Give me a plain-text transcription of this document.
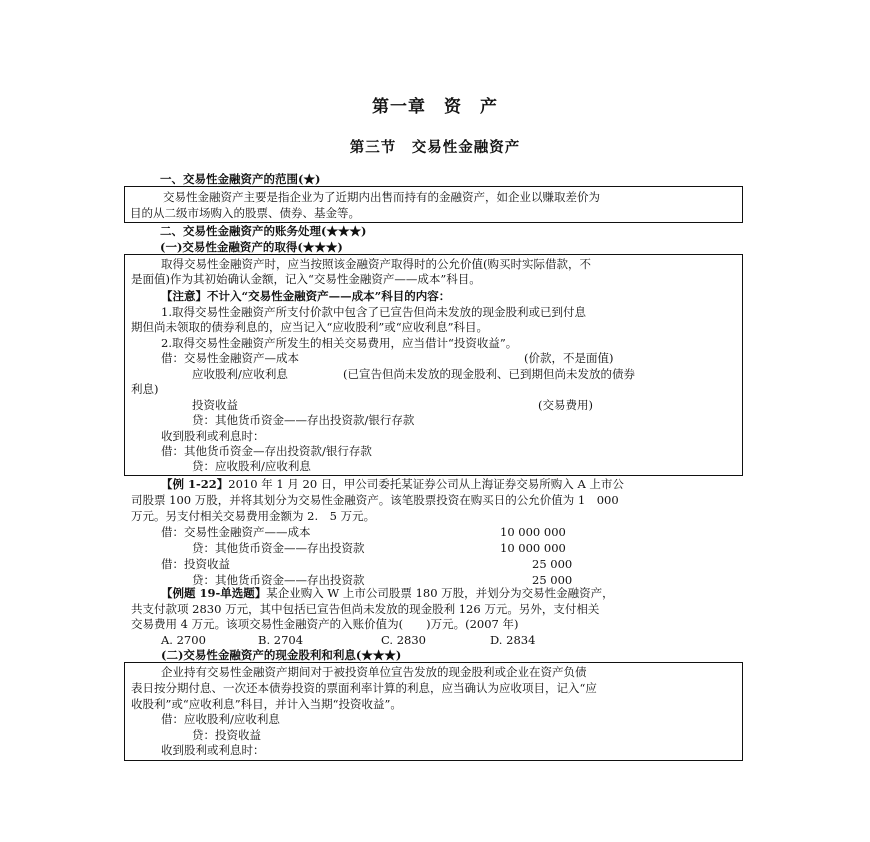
第一章　资　产
第三节　交易性金融资产
一、交易性金融资产的范围(★)
交易性金融资产主要是指企业为了近期内出售而持有的金融资产，如企业以赚取差价为
目的从二级市场购入的股票、债券、基金等。
二、交易性金融资产的账务处理(★★★)
(一)交易性金融资产的取得(★★★)
取得交易性金融资产时，应当按照该金融资产取得时的公允价值(购买时实际借款，不
是面值)作为其初始确认金额，记入“交易性金融资产——成本”科目。
【注意】不计入“交易性金融资产——成本”科目的内容：
1.取得交易性金融资产所支付价款中包含了已宣告但尚未发放的现金股利或已到付息
期但尚未领取的债券利息的，应当记入“应收股利”或“应收利息”科目。
2.取得交易性金融资产所发生的相关交易费用，应当借计“投资收益”。
借：交易性金融资产—成本	(价款，不是面值)
应收股利/应收利息	(已宣告但尚未发放的现金股利、已到期但尚未发放的债券
利息)
投资收益	(交易费用)
贷：其他货币资金——存出投资款/银行存款
收到股利或利息时：
借：其他货币资金—存出投资款/银行存款
贷：应收股利/应收利息
【例 1-22】2010 年 1 月 20 日，甲公司委托某证券公司从上海证券交易所购入 A 上市公
司股票 100 万股，并将其划分为交易性金融资产。该笔股票投资在购买日的公允价值为 1　000
万元。另支付相关交易费用金额为 2.　5 万元。
借：交易性金融资产——成本	10 000 000
贷：其他货币资金——存出投资款	10 000 000
借：投资收益	25 000
贷：其他货币资金——存出投资款	25 000
【例题 19-单选题】某企业购入 W 上市公司股票 180 万股，并划分为交易性金融资产，
共支付款项 2830 万元，其中包括已宣告但尚未发放的现金股利 126 万元。另外，支付相关
交易费用 4 万元。该项交易性金融资产的入账价值为(　　)万元。(2007 年)
A. 2700	B. 2704	C. 2830	D. 2834
(二)交易性金融资产的现金股利和利息(★★★)
企业持有交易性金融资产期间对于被投资单位宣告发放的现金股利或企业在资产负债
表日按分期付息、一次还本债券投资的票面利率计算的利息，应当确认为应收项目，记入“应
收股利”或“应收利息”科目，并计入当期“投资收益”。
借：应收股利/应收利息
贷：投资收益
收到股利或利息时：
